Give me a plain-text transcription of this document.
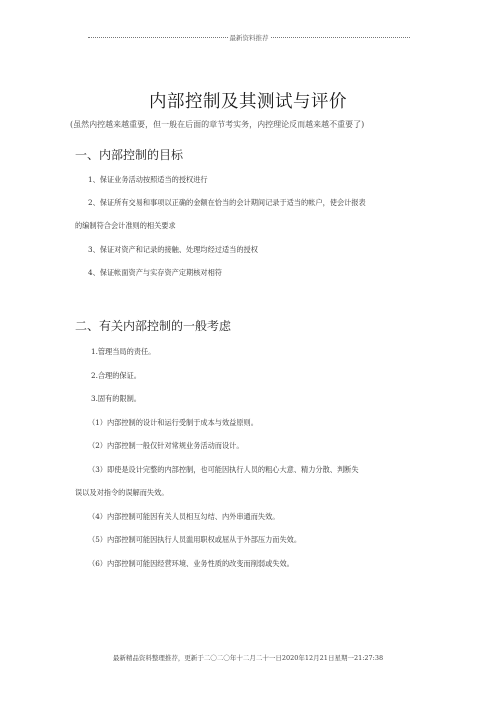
最新资料推荐
内部控制及其测试与评价
(虽然内控越来越重要，但一般在后面的章节考实务，内控理论反而越来越不重要了)
一、内部控制的目标
1、保证业务活动按照适当的授权进行
2、保证所有交易和事项以正确的金额在恰当的会计期间记录于适当的帐户，使会计报表
的编制符合会计准则的相关要求
3、保证对资产和记录的接触、处理均经过适当的授权
4、保证帐面资产与实存资产定期核对相符
二、有关内部控制的一般考虑
1.管理当局的责任。
2.合理的保证。
3.固有的限制。
（1）内部控制的设计和运行受制于成本与效益原则。
（2）内部控制一般仅针对常规业务活动而设计。
（3）即使是设计完整的内部控制，也可能因执行人员的粗心大意、精力分散、判断失
误以及对指令的误解而失效。
（4）内部控制可能因有关人员相互勾结、内外串通而失效。
（5）内部控制可能因执行人员滥用职权或屈从于外部压力而失效。
（6）内部控制可能因经营环境、业务性质的改变而削弱或失效。
最新精品资料整理推荐，更新于二〇二〇年十二月二十一日2020年12月21日星期一21:27:38
